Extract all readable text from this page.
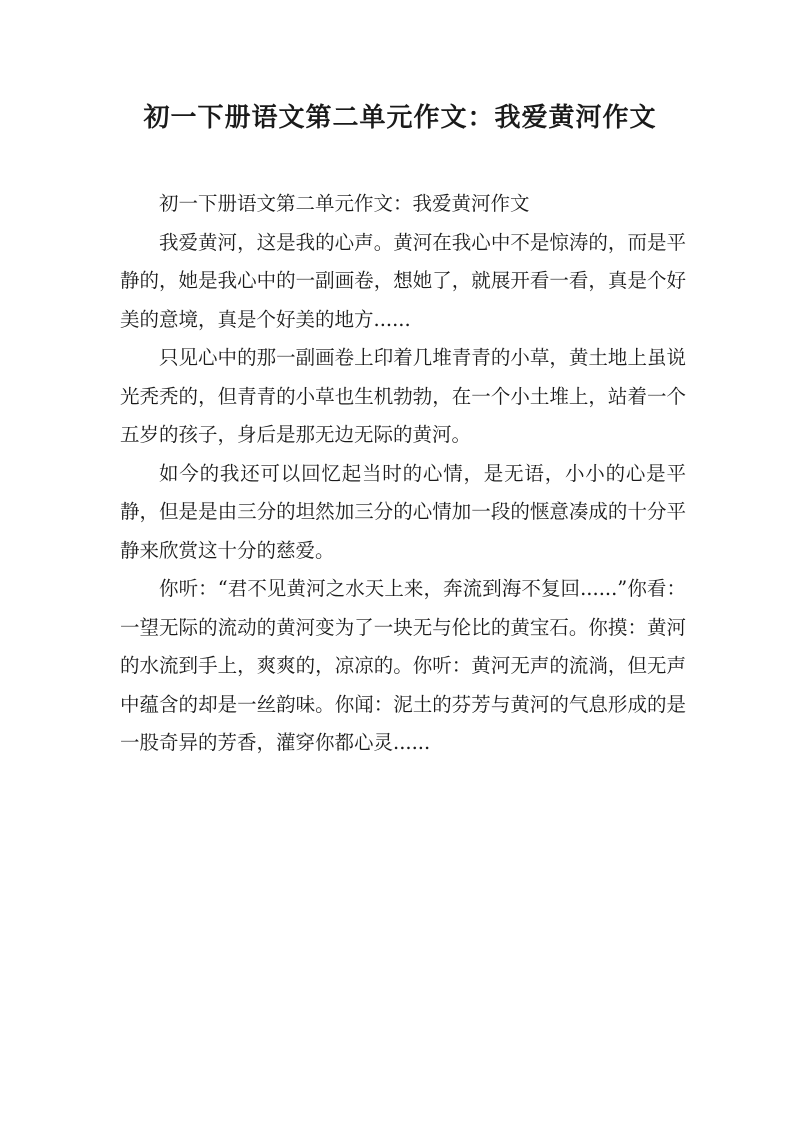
初一下册语文第二单元作文：我爱黄河作文

初一下册语文第二单元作文：我爱黄河作文

我爱黄河，这是我的心声。黄河在我心中不是惊涛的，而是平静的，她是我心中的一副画卷，想她了，就展开看一看，真是个好美的意境，真是个好美的地方......

只见心中的那一副画卷上印着几堆青青的小草，黄土地上虽说光秃秃的，但青青的小草也生机勃勃，在一个小土堆上，站着一个五岁的孩子，身后是那无边无际的黄河。

如今的我还可以回忆起当时的心情，是无语，小小的心是平静，但是是由三分的坦然加三分的心情加一段的惬意凑成的十分平静来欣赏这十分的慈爱。

你听：“君不见黄河之水天上来，奔流到海不复回......”你看：一望无际的流动的黄河变为了一块无与伦比的黄宝石。你摸：黄河的水流到手上，爽爽的，凉凉的。你听：黄河无声的流淌，但无声中蕴含的却是一丝韵味。你闻：泥土的芬芳与黄河的气息形成的是一股奇异的芳香，灌穿你都心灵......
